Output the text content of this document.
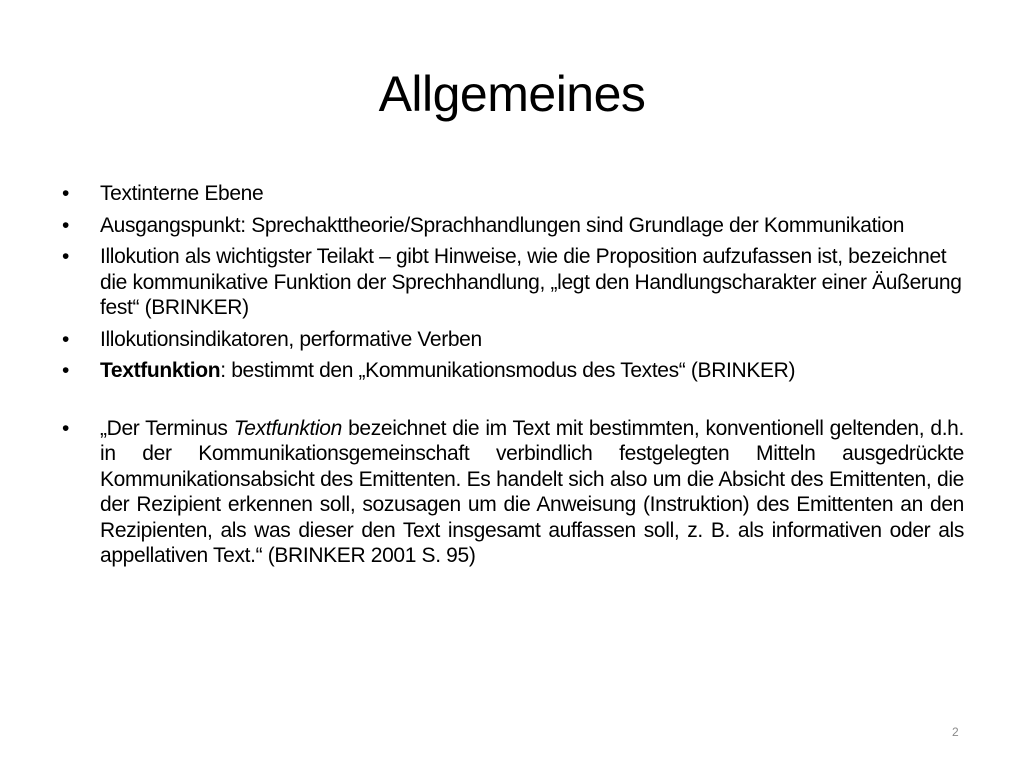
Allgemeines
• Textinterne Ebene
• Ausgangspunkt: Sprechakttheorie/Sprachhandlungen sind Grundlage der Kommunikation
• Illokution als wichtigster Teilakt – gibt Hinweise, wie die Proposition aufzufassen ist, bezeichnet die kommunikative Funktion der Sprechhandlung, „legt den Handlungscharakter einer Äußerung fest“ (BRINKER)
• Illokutionsindikatoren, performative Verben
• Textfunktion: bestimmt den „Kommunikationsmodus des Textes“ (BRINKER)
• „Der Terminus Textfunktion bezeichnet die im Text mit bestimmten, konventionell geltenden, d.h. in der Kommunikationsgemeinschaft verbindlich festgelegten Mitteln ausgedrückte Kommunikationsabsicht des Emittenten. Es handelt sich also um die Absicht des Emittenten, die der Rezipient erkennen soll, sozusagen um die Anweisung (Instruktion) des Emittenten an den Rezipienten, als was dieser den Text insgesamt auffassen soll, z. B. als informativen oder als appellativen Text.“ (BRINKER 2001 S. 95)
2
